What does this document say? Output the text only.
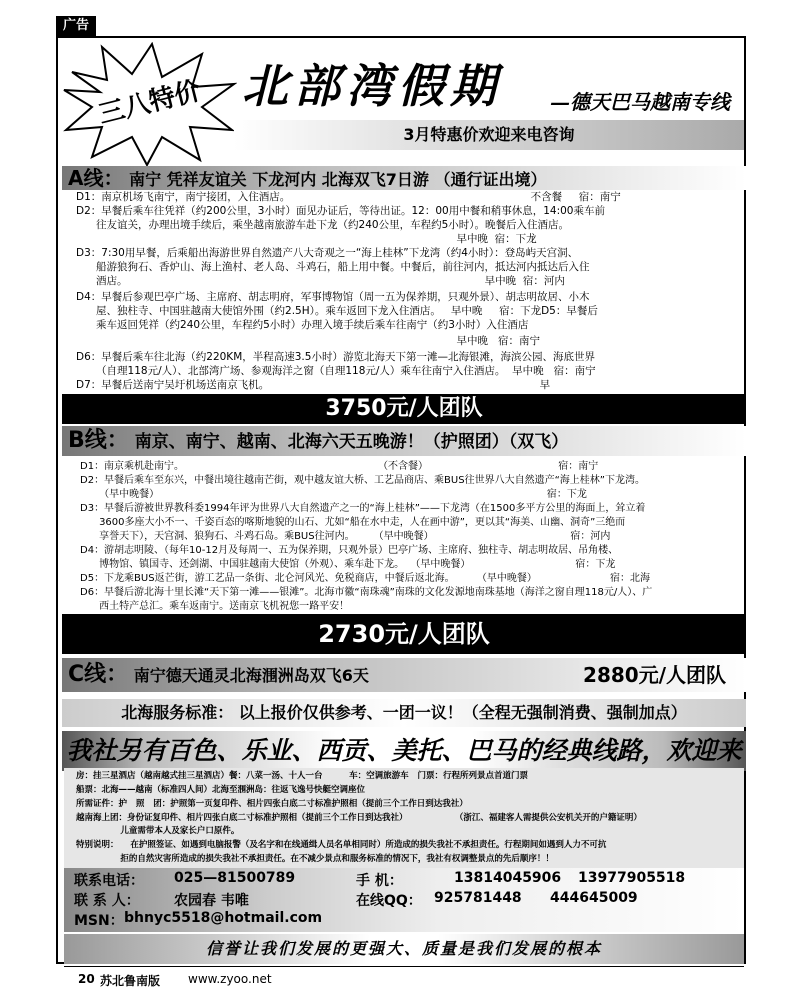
广告
三八特价 北部湾假期 —德天巴马越南专线
3月特惠价欢迎来电咨询
A线： 南宁 凭祥友谊关 下龙河内 北海双飞7日游 （通行证出境）
D1：南京机场飞南宁，南宁接团，入住酒店。                                                                        不含餐     宿：南宁
D2：早餐后乘车往凭祥（约200公里，3小时）面见办证后，等待出证。12：00用中餐和稍事休息，14:00乘车前
往友谊关，办理出境手续后，乘坐越南旅游车赴下龙（约240公里，车程约5小时）。晚餐后入住酒店。
早中晚  宿：下龙
D3：7:30用早餐，后乘船出海游世界自然遗产八大奇观之一“海上桂林”下龙湾（约4小时）：登岛屿天宫洞、
船游狼狗石、香炉山、海上渔村、老人岛、斗鸡石，船上用中餐。中餐后，前往河内，抵达河内抵达后入住
酒店。                                                                                                           早中晚  宿：河内
D4：早餐后参观巴亭广场、主席府、胡志明府，军事博物馆（周一五为保养期，只观外景）、胡志明故居、小木
屋、独柱寺、中国驻越南大使馆外围（约2.5H）。乘车返回下龙入住酒店。   早中晚     宿：下龙D5：早餐后
乘车返回凭祥（约240公里，车程约5小时）办理入境手续后乘车往南宁（约3小时）入住酒店
早中晚   宿：南宁
D6：早餐后乘车往北海（约220KM，半程高速3.5小时）游览北海天下第一滩—北海银滩，海滨公园、海底世界
（自理118元/人）、北部湾广场、参观海洋之窗（自理118元/人）乘车往南宁入住酒店。  早中晚   宿：南宁
D7：早餐后送南宁吴圩机场送南京飞机。                                                                                 早
3750元/人团队
B线： 南京、南宁、越南、北海六天五晚游！（护照团）（双飞）
D1：南京乘机赴南宁。                                                             （不含餐）                                         宿：南宁
D2：早餐后乘车至东兴，中餐出境往越南芒街，观中越友谊大桥、工艺品商店、乘BUS往世界八大自然遗产“海上桂林”下龙湾。
（早中晚餐）                                                                                                                          宿：下龙
D3：早餐后游被世界教科委1994年评为世界八大自然遗产之一的“海上桂林”——下龙湾（在1500多平方公里的海面上，耸立着
3600多座大小不一、千姿百态的喀斯地貌的山石、尤如“船在水中走，人在画中游”，更以其“海美、山幽、洞奇”三绝而
享誉天下），天宫洞、狼狗石、斗鸡石岛。乘BUS往河内。      （早中晚餐）                                           宿：河内
D4：游胡志明陵、（每年10-12月及每周一、五为保养期，只观外景）巴亭广场、主席府、独柱寺、胡志明故居、吊角楼、
博物馆、镇国寺、还剑湖、中国驻越南大使馆（外观）、乘车赴下龙。  （早中晚餐）                                 宿：下龙
D5：下龙乘BUS返芒街，游工艺品一条街、北仑河风光、免税商店，中餐后返北海。       （早中晚餐）                       宿：北海
D6：早餐后游北海十里长滩“天下第一滩——银滩”。北海市徽“南珠魂”南珠的文化发源地南珠基地（海洋之窗自理118元/人）、广
西土特产总汇。乘车返南宁。送南京飞机祝您一路平安！
2730元/人团队
C线： 南宁德天通灵北海涠洲岛双飞6天	2880元/人团队
北海服务标准： 以上报价仅供参考、一团一议！（全程无强制消费、强制加点）
我社另有百色、乐业、西贡、美托、巴马的经典线路，欢迎来
房：挂三星酒店（越南越式挂三星酒店）餐：八菜一汤、十人一台         车：空调旅游车   门票：行程所列景点首道门票
船票：北海——越南（标准四人间）北海至涠洲岛：往返飞逸号快艇空调座位
所需证件：护   照   团：护照第一页复印件、相片四张白底二寸标准护照相（提前三个工作日到达我社）
越南海上团：身份证复印件、相片四张白底二寸标准护照相（提前三个工作日到达我社）                （浙江、福建客人需提供公安机关开的户籍证明）
儿童需带本人及家长户口原件。
特别说明：    在护照签证、如遇到电脑报警（及名字和在线通缉人员名单相同时）所造成的损失我社不承担责任。行程期间如遇到人力不可抗
拒的自然灾害所造成的损失我社不承担责任。在不减少景点和服务标准的情况下，我社有权调整景点的先后顺序！！
联系电话： 025—81500789
联 系 人： 农园春 韦唯
MSN： bhnyc5518@hotmail.com
手 机：	13814045906 13977905518
在线QQ： 925781448 444645009
信誉让我们发展的更强大、质量是我们发展的根本
20 苏北鲁南版 www.zyoo.net
